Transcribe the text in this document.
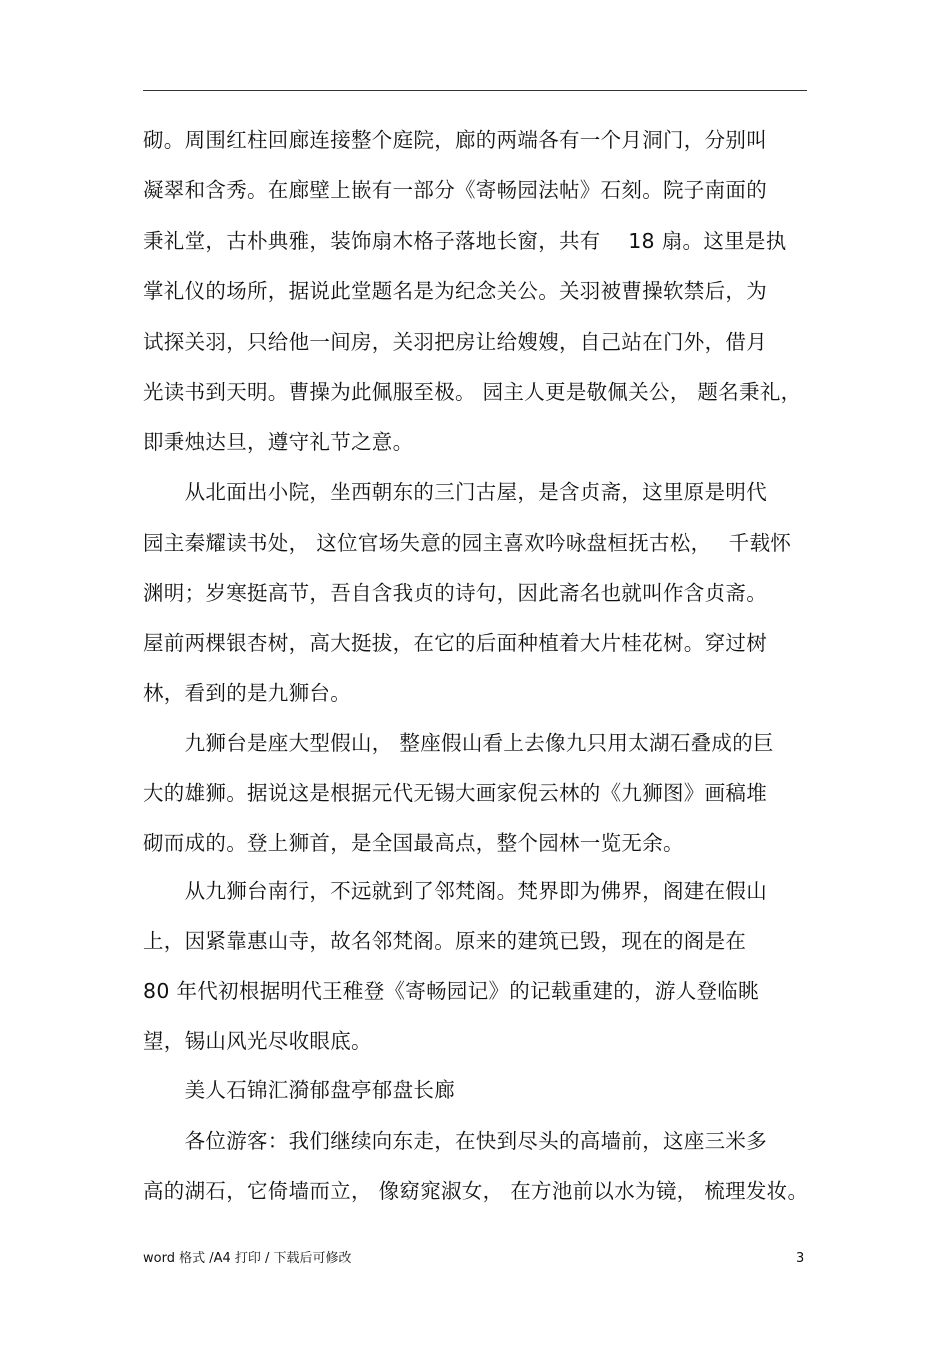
砌。周围红柱回廊连接整个庭院，廊的两端各有一个月洞门，分别叫
凝翠和含秀。在廊壁上嵌有一部分《寄畅园法帖》石刻。院子南面的
秉礼堂，古朴典雅，装饰扇木格子落地长窗，共有　 18 扇。这里是执
掌礼仪的场所，据说此堂题名是为纪念关公。关羽被曹操软禁后，为
试探关羽，只给他一间房，关羽把房让给嫂嫂，自己站在门外，借月
光读书到天明。曹操为此佩服至极。 园主人更是敬佩关公， 题名秉礼，
即秉烛达旦，遵守礼节之意。
　　从北面出小院，坐西朝东的三门古屋，是含贞斋，这里原是明代
园主秦耀读书处， 这位官场失意的园主喜欢吟咏盘桓抚古松，　 千载怀
渊明；岁寒挺高节，吾自含我贞的诗句，因此斋名也就叫作含贞斋。
屋前两棵银杏树，高大挺拔，在它的后面种植着大片桂花树。穿过树
林，看到的是九狮台。
　　九狮台是座大型假山， 整座假山看上去像九只用太湖石叠成的巨
大的雄狮。据说这是根据元代无锡大画家倪云林的《九狮图》画稿堆
砌而成的。登上狮首，是全国最高点，整个园林一览无余。
　　从九狮台南行，不远就到了邻梵阁。梵界即为佛界，阁建在假山
上，因紧靠惠山寺，故名邻梵阁。原来的建筑已毁，现在的阁是在
80 年代初根据明代王稚登《寄畅园记》的记载重建的，游人登临眺
望，锡山风光尽收眼底。
　　美人石锦汇漪郁盘亭郁盘长廊
　　各位游客：我们继续向东走，在快到尽头的高墙前，这座三米多
高的湖石，它倚墙而立， 像窈窕淑女， 在方池前以水为镜， 梳理发妆。
word 格式 /A4 打印 / 下载后可修改	3
